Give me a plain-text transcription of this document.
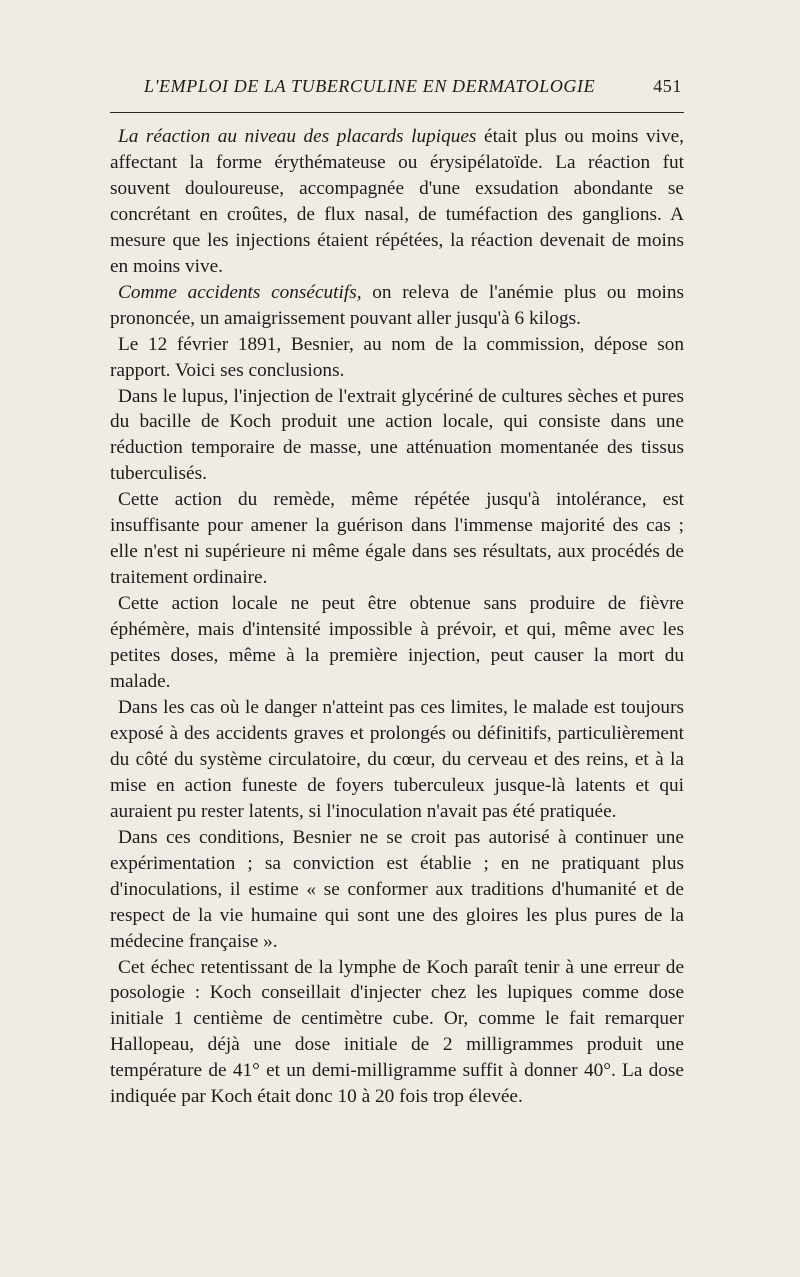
L'EMPLOI DE LA TUBERCULINE EN DERMATOLOGIE	451

La réaction au niveau des placards lupiques était plus ou moins vive, affectant la forme érythémateuse ou érysipélatoïde. La réaction fut souvent douloureuse, accompagnée d'une exsudation abondante se concrétant en croûtes, de flux nasal, de tuméfaction des ganglions. A mesure que les injections étaient répétées, la réaction devenait de moins en moins vive.

Comme accidents consécutifs, on releva de l'anémie plus ou moins prononcée, un amaigrissement pouvant aller jusqu'à 6 kilogs.

Le 12 février 1891, Besnier, au nom de la commission, dépose son rapport. Voici ses conclusions.

Dans le lupus, l'injection de l'extrait glycériné de cultures sèches et pures du bacille de Koch produit une action locale, qui consiste dans une réduction temporaire de masse, une atténuation momentanée des tissus tuberculisés.

Cette action du remède, même répétée jusqu'à intolérance, est insuffisante pour amener la guérison dans l'immense majorité des cas ; elle n'est ni supérieure ni même égale dans ses résultats, aux procédés de traitement ordinaire.

Cette action locale ne peut être obtenue sans produire de fièvre éphémère, mais d'intensité impossible à prévoir, et qui, même avec les petites doses, même à la première injection, peut causer la mort du malade.

Dans les cas où le danger n'atteint pas ces limites, le malade est toujours exposé à des accidents graves et prolongés ou définitifs, particulièrement du côté du système circulatoire, du cœur, du cerveau et des reins, et à la mise en action funeste de foyers tuberculeux jusque-là latents et qui auraient pu rester latents, si l'inoculation n'avait pas été pratiquée.

Dans ces conditions, Besnier ne se croit pas autorisé à continuer une expérimentation ; sa conviction est établie ; en ne pratiquant plus d'inoculations, il estime « se conformer aux traditions d'humanité et de respect de la vie humaine qui sont une des gloires les plus pures de la médecine française ».

Cet échec retentissant de la lymphe de Koch paraît tenir à une erreur de posologie : Koch conseillait d'injecter chez les lupiques comme dose initiale 1 centième de centimètre cube. Or, comme le fait remarquer Hallopeau, déjà une dose initiale de 2 milligrammes produit une température de 41° et un demi-milligramme suffit à donner 40°. La dose indiquée par Koch était donc 10 à 20 fois trop élevée.
